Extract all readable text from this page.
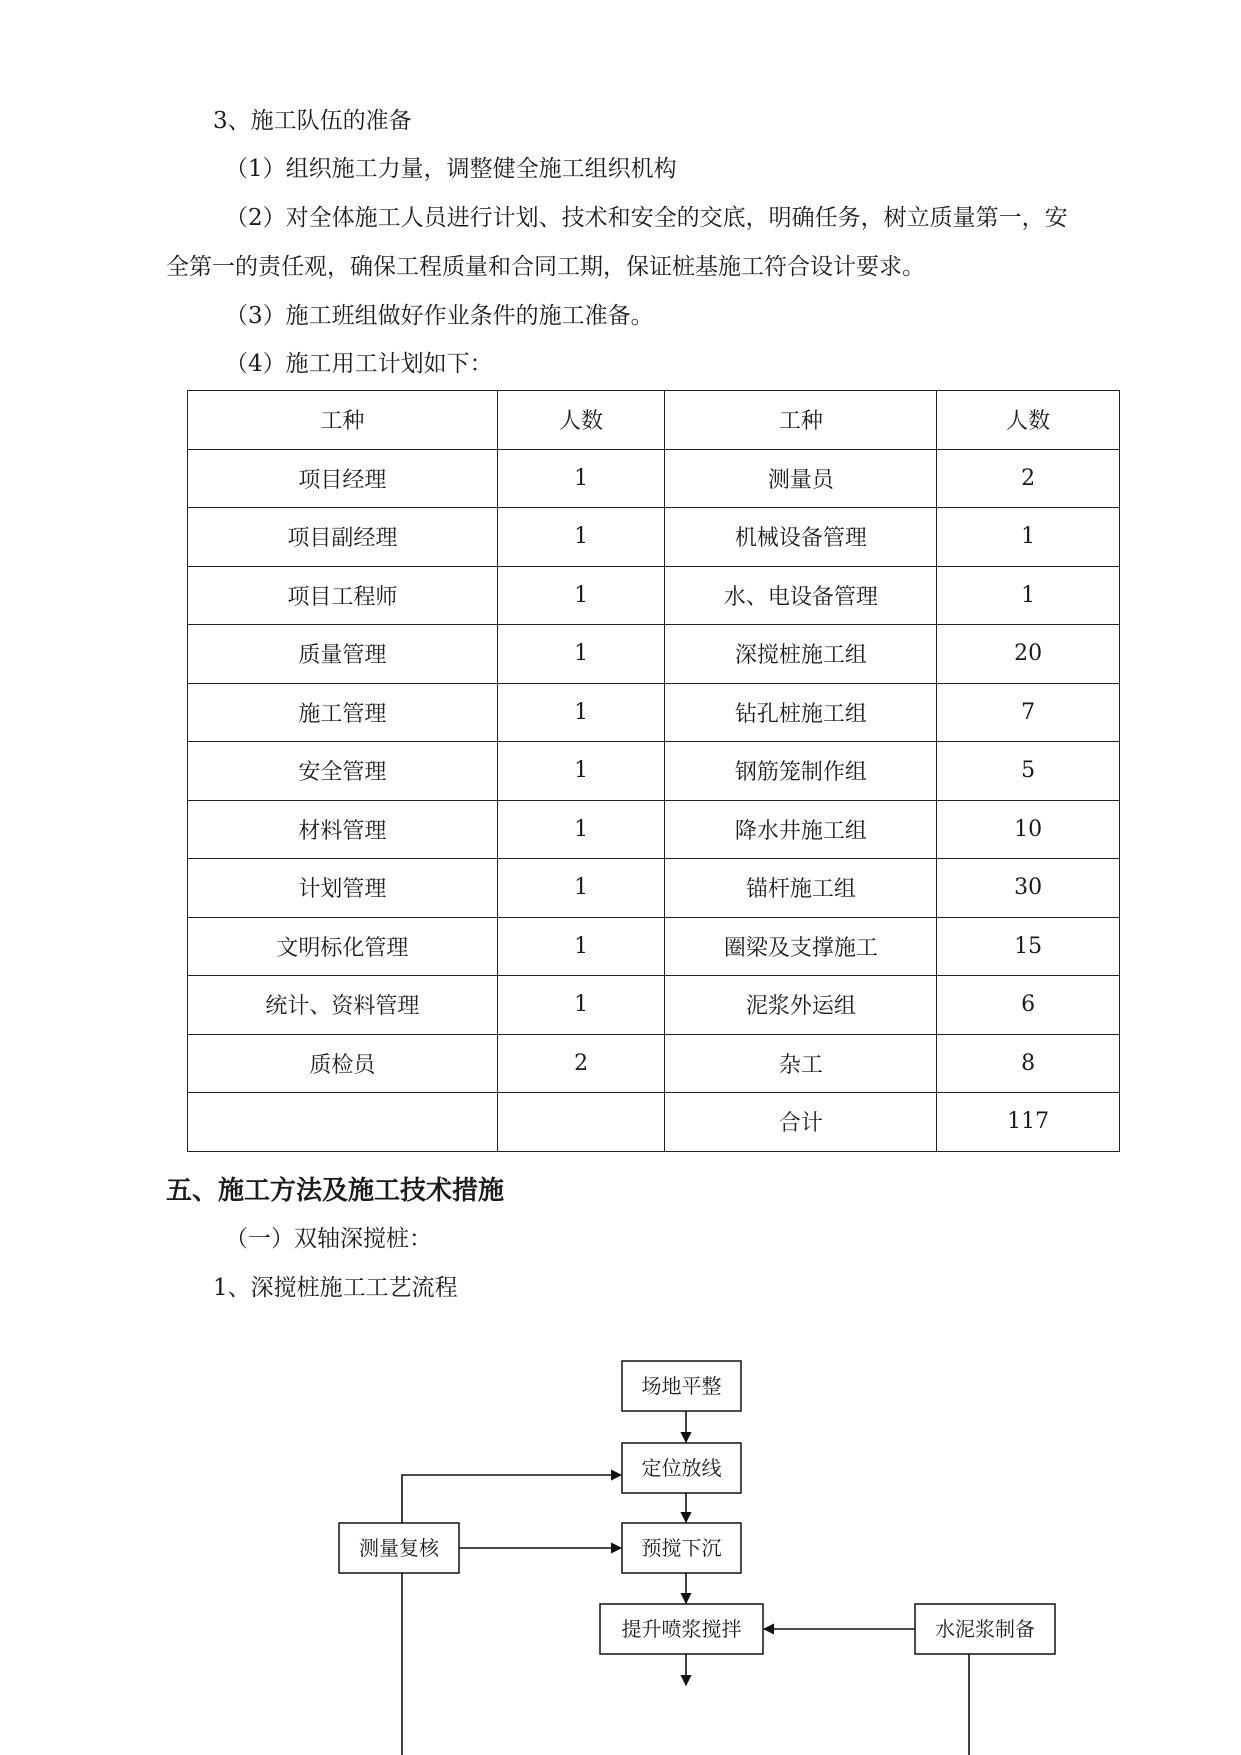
3、施工队伍的准备

（1）组织施工力量，调整健全施工组织机构

（2）对全体施工人员进行计划、技术和安全的交底，明确任务，树立质量第一，安

全第一的责任观，确保工程质量和合同工期，保证桩基施工符合设计要求。

（3）施工班组做好作业条件的施工准备。

（4）施工用工计划如下：

工种	人数	工种	人数
项目经理	1	测量员	2
项目副经理	1	机械设备管理	1
项目工程师	1	水、电设备管理	1
质量管理	1	深搅桩施工组	20
施工管理	1	钻孔桩施工组	7
安全管理	1	钢筋笼制作组	5
材料管理	1	降水井施工组	10
计划管理	1	锚杆施工组	30
文明标化管理	1	圈梁及支撑施工	15
统计、资料管理	1	泥浆外运组	6
质检员	2	杂工	8
		合计	117

五、施工方法及施工技术措施

（一）双轴深搅桩：

1、深搅桩施工工艺流程

场地平整
定位放线
测量复核	预搅下沉
提升喷浆搅拌	水泥浆制备
